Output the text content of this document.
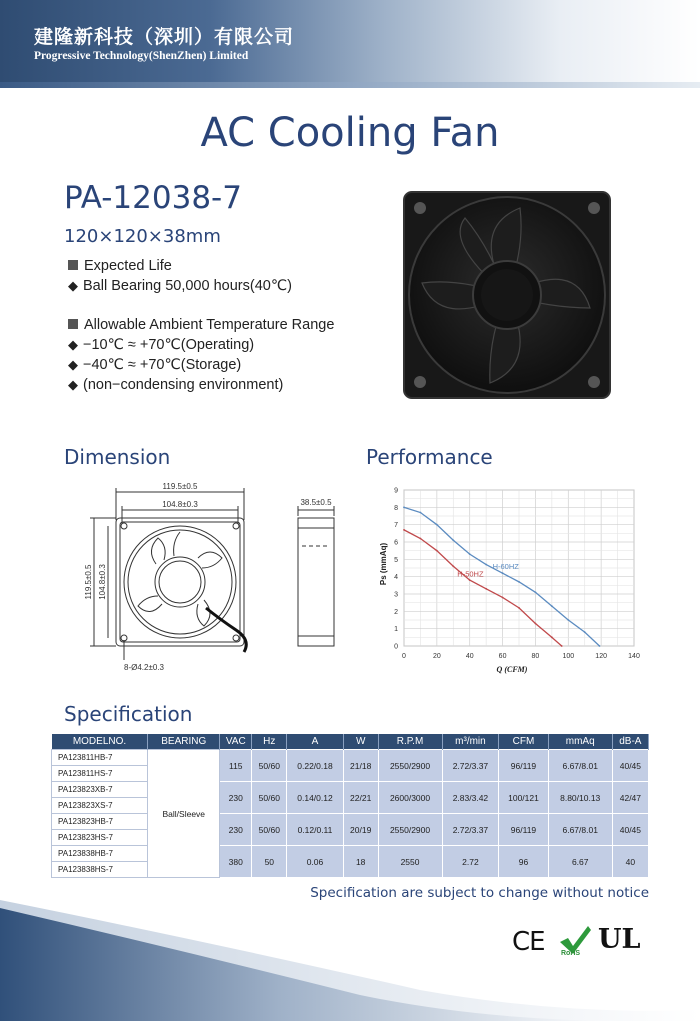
建隆新科技（深圳）有限公司
Progressive Technology(ShenZhen) Limited
AC Cooling Fan
PA-12038-7
120×120×38mm
Expected Life
◆ Ball Bearing 50,000 hours(40℃)
Allowable Ambient Temperature Range
◆ −10℃ ≈ +70℃(Operating)
◆ −40℃ ≈ +70℃(Storage)
◆ (non−condensing environment)
Dimension	Performance
119.5±0.5
104.8±0.3	38.5±0.5
119.5±0.5 104.8±0.3
8-Ø4.2±0.3
0	20	40	60	80	100	120	140
0
1
2
3
4
5
6
7
8
9
H-60HZ
H-50HZ
Ps (mmAq)
Q (CFM)
Specification
MODELNO.	BEARING	VAC	Hz	A	W	R.P.M	m³/min	CFM	mmAq	dB-A
PA123811HB-7	Ball/Sleeve	115	50/60	0.22/0.18	21/18	2550/2900	2.72/3.37	96/119	6.67/8.01	40/45
PA123811HS-7										
PA123823XB-7		230	50/60	0.14/0.12	22/21	2600/3000	2.83/3.42	100/121	8.80/10.13	42/47
PA123823XS-7										
PA123823HB-7		230	50/60	0.12/0.11	20/19	2550/2900	2.72/3.37	96/119	6.67/8.01	40/45
PA123823HS-7										
PA123838HB-7		380	50	0.06	18	2550	2.72	96	6.67	40
PA123838HS-7										
Specification are subject to change without notice
CE RoHS UL
